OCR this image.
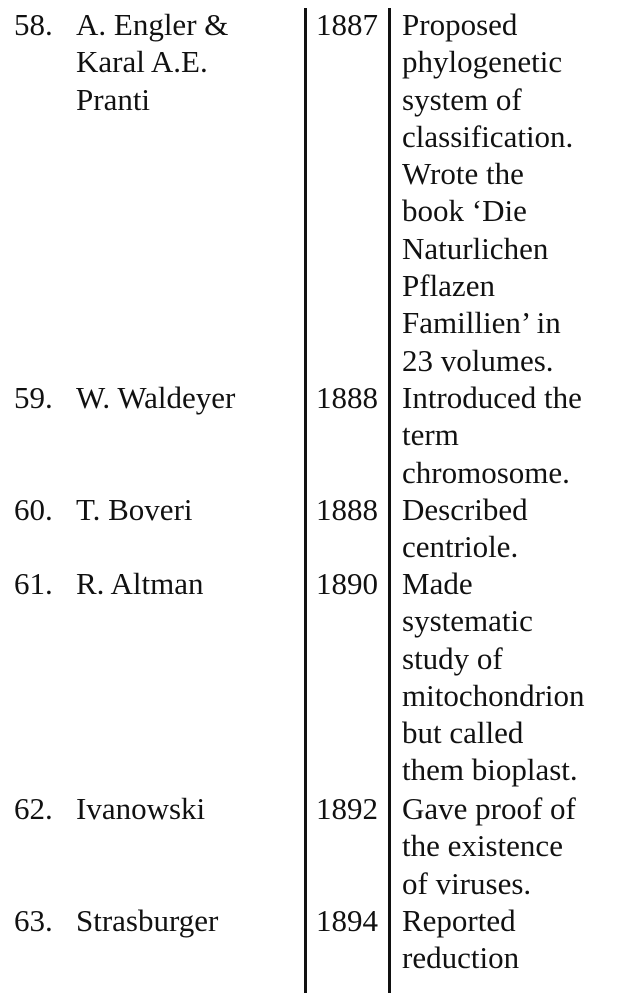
58. A. Engler &
Karal A.E.
Pranti
1887 Proposed
phylogenetic
system of
classification.
Wrote the
book ‘Die
Naturlichen
Pflazen
Famillien’ in
23 volumes.
59. W. Waldeyer	1888 Introduced the
term
chromosome.
60. T. Boveri	1888 Described
centriole.
61. R. Altman	1890 Made
systematic
study of
mitochondrion
but called
them bioplast.
62. Ivanowski	1892 Gave proof of
the existence
of viruses.
63. Strasburger	1894 Reported
reduction
